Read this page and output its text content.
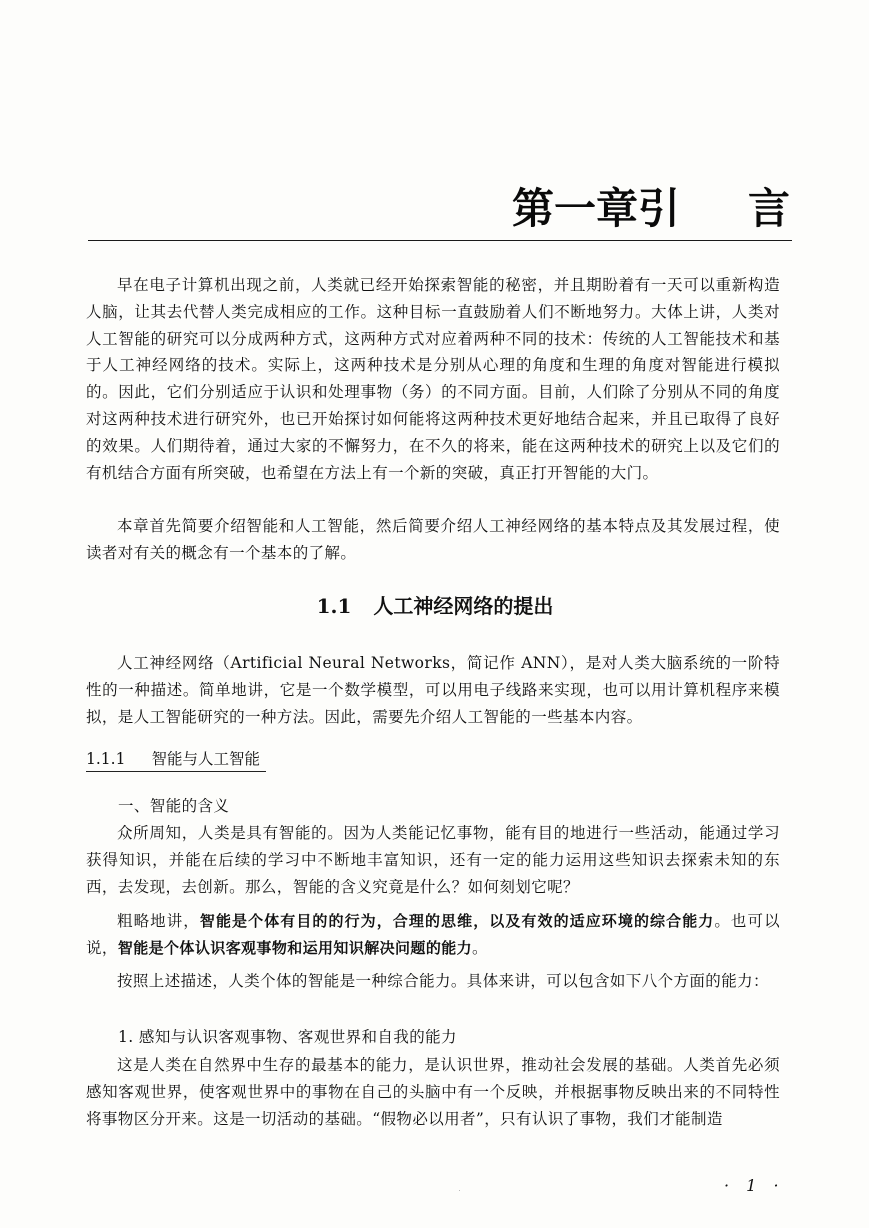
第一章 引 言

早在电子计算机出现之前，人类就已经开始探索智能的秘密，并且期盼着有一天可以重新构造人脑，让其去代替人类完成相应的工作。这种目标一直鼓励着人们不断地努力。大体上讲，人类对人工智能的研究可以分成两种方式，这两种方式对应着两种不同的技术：传统的人工智能技术和基于人工神经网络的技术。实际上，这两种技术是分别从心理的角度和生理的角度对智能进行模拟的。因此，它们分别适应于认识和处理事物（务）的不同方面。目前，人们除了分别从不同的角度对这两种技术进行研究外，也已开始探讨如何能将这两种技术更好地结合起来，并且已取得了良好的效果。人们期待着，通过大家的不懈努力，在不久的将来，能在这两种技术的研究上以及它们的有机结合方面有所突破，也希望在方法上有一个新的突破，真正打开智能的大门。

本章首先简要介绍智能和人工智能，然后简要介绍人工神经网络的基本特点及其发展过程，使读者对有关的概念有一个基本的了解。

1.1 人工神经网络的提出

人工神经网络（Artificial Neural Networks，简记作 ANN），是对人类大脑系统的一阶特性的一种描述。简单地讲，它是一个数学模型，可以用电子线路来实现，也可以用计算机程序来模拟，是人工智能研究的一种方法。因此，需要先介绍人工智能的一些基本内容。

1.1.1 智能与人工智能
一、智能的含义

众所周知，人类是具有智能的。因为人类能记忆事物，能有目的地进行一些活动，能通过学习获得知识，并能在后续的学习中不断地丰富知识，还有一定的能力运用这些知识去探索未知的东西，去发现，去创新。那么，智能的含义究竟是什么？如何刻划它呢？

粗略地讲，智能是个体有目的的行为，合理的思维，以及有效的适应环境的综合能力。也可以说，智能是个体认识客观事物和运用知识解决问题的能力。

按照上述描述，人类个体的智能是一种综合能力。具体来讲，可以包含如下八个方面的能力：

1. 感知与认识客观事物、客观世界和自我的能力

这是人类在自然界中生存的最基本的能力，是认识世界，推动社会发展的基础。人类首先必须感知客观世界，使客观世界中的事物在自己的头脑中有一个反映，并根据事物反映出来的不同特性将事物区分开来。这是一切活动的基础。“假物必以用者”，只有认识了事物，我们才能制造

· 1 ·
